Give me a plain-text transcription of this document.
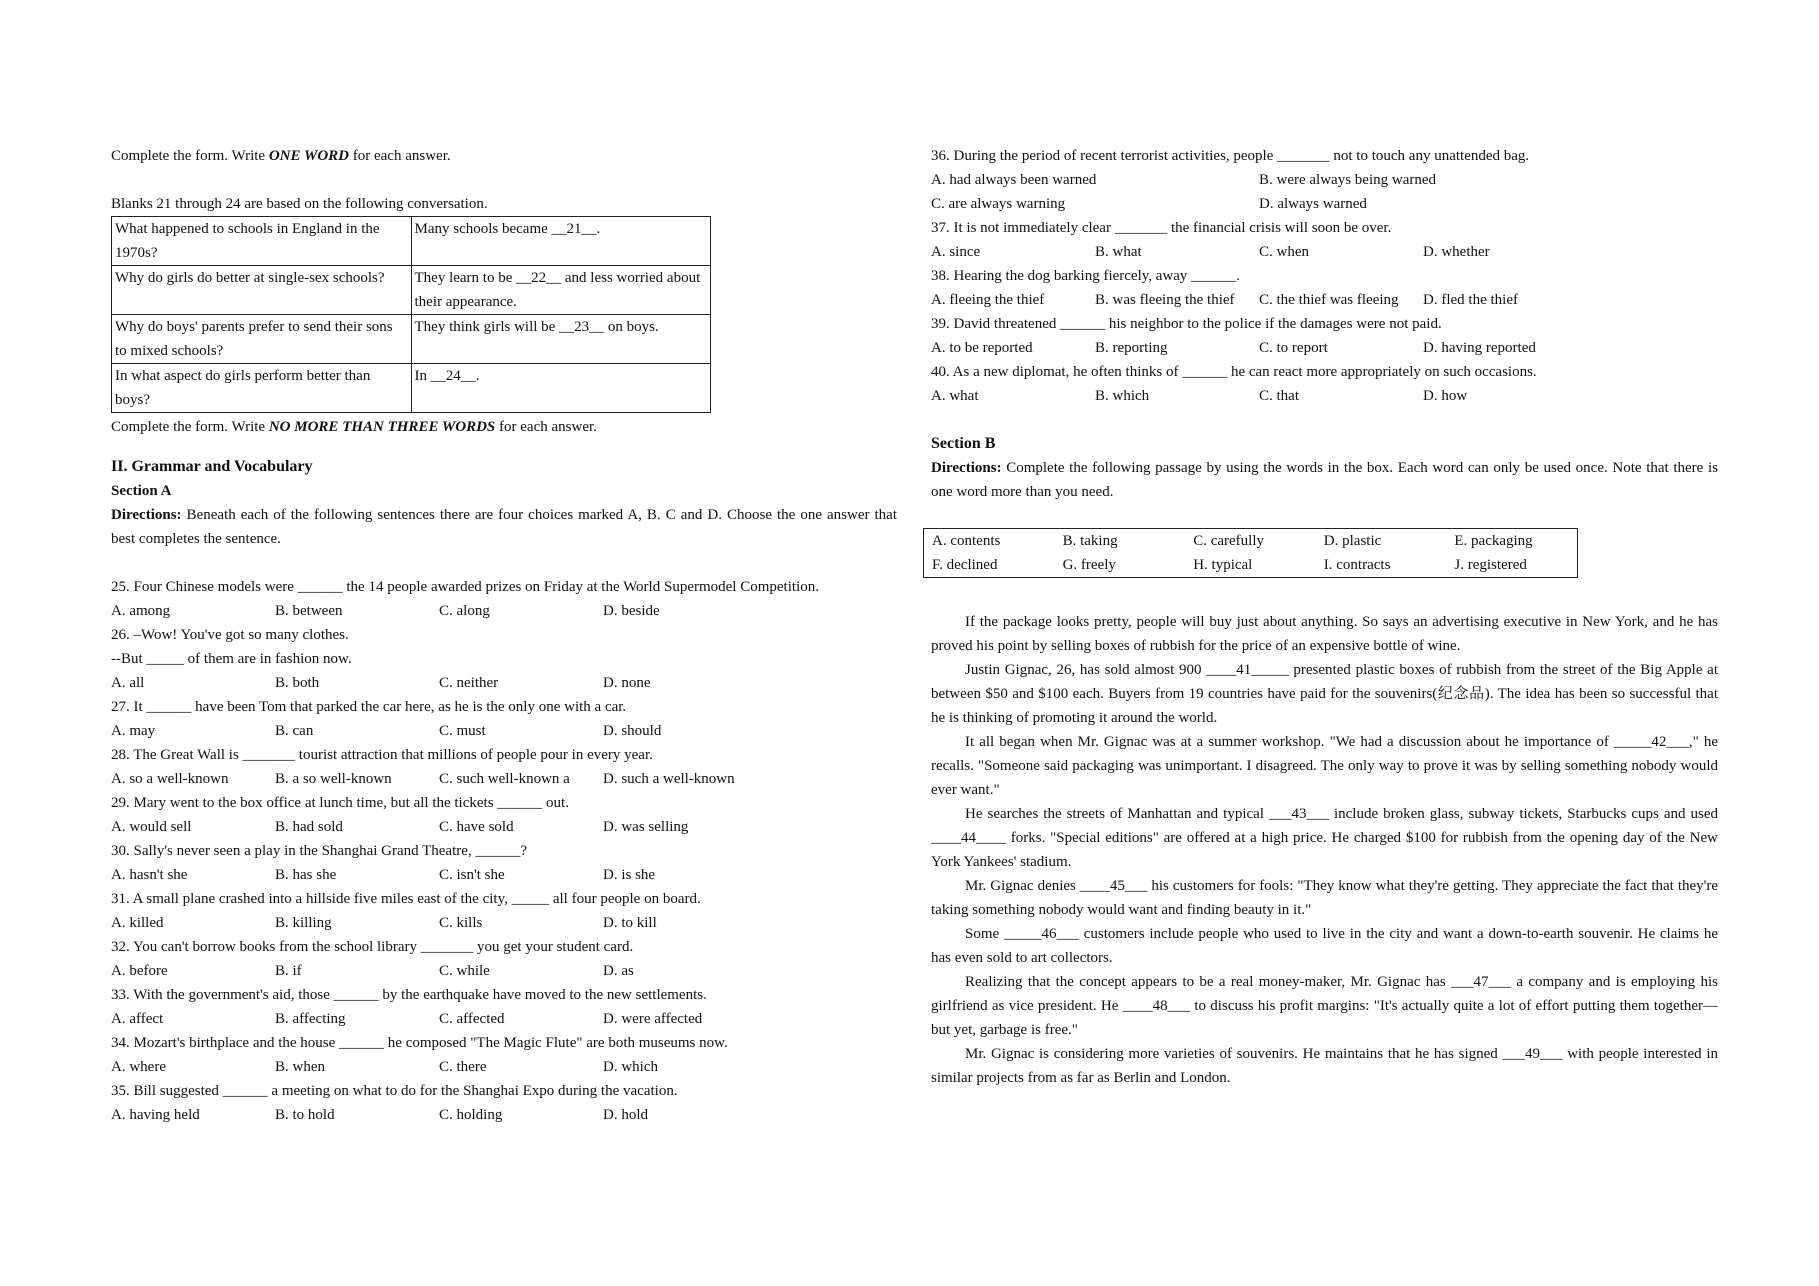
Complete the form. Write ONE WORD for each answer.

Blanks 21 through 24 are based on the following conversation.

What happened to schools in England in the 1970s?	Many schools became __21__.
Why do girls do better at single-sex schools?	They learn to be __22__ and less worried about their appearance.
Why do boys' parents prefer to send their sons to mixed schools?	They think girls will be __23__ on boys.
In what aspect do girls perform better than boys?	In __24__.

Complete the form. Write NO MORE THAN THREE WORDS for each answer.

II. Grammar and Vocabulary

Section A

Directions: Beneath each of the following sentences there are four choices marked A, B. C and D. Choose the one answer that best completes the sentence.

25. Four Chinese models were ______ the 14 people awarded prizes on Friday at the World Supermodel Competition.

A. among	B. between	C. along	D. beside

26. –Wow! You've got so many clothes.

--But _____ of them are in fashion now.

A. all	B. both	C. neither	D. none

27. It ______ have been Tom that parked the car here, as he is the only one with a car.

A. may	B. can	C. must	D. should

28. The Great Wall is _______ tourist attraction that millions of people pour in every year.

A. so a well-known	B. a so well-known	C. such well-known a	D. such a well-known

29. Mary went to the box office at lunch time, but all the tickets ______ out.

A. would sell	B. had sold	C. have sold	D. was selling

30. Sally's never seen a play in the Shanghai Grand Theatre, ______?

A. hasn't she	B. has she	C. isn't she	D. is she

31. A small plane crashed into a hillside five miles east of the city, _____ all four people on board.

A. killed	B. killing	C. kills	D. to kill

32. You can't borrow books from the school library _______ you get your student card.

A. before	B. if	C. while	D. as

33. With the government's aid, those ______ by the earthquake have moved to the new settlements.

A. affect	B. affecting	C. affected	D. were affected

34. Mozart's birthplace and the house ______ he composed "The Magic Flute" are both museums now.

A. where	B. when	C. there	D. which

35. Bill suggested ______ a meeting on what to do for the Shanghai Expo during the vacation.

A. having held	B. to hold	C. holding	D. hold

36. During the period of recent terrorist activities, people _______ not to touch any unattended bag.

A. had always been warned	B. were always being warned
C. are always warning	D. always warned

37. It is not immediately clear _______ the financial crisis will soon be over.

A. since	B. what	C. when	D. whether

38. Hearing the dog barking fiercely, away ______.

A. fleeing the thief	B. was fleeing the thief	C. the thief was fleeing	D. fled the thief

39. David threatened ______ his neighbor to the police if the damages were not paid.

A. to be reported	B. reporting	C. to report	D. having reported

40. As a new diplomat, he often thinks of ______ he can react more appropriately on such occasions.

A. what	B. which	C. that	D. how

Section B

Directions: Complete the following passage by using the words in the box. Each word can only be used once. Note that there is one word more than you need.

A. contents	B. taking	C. carefully	D. plastic	E. packaging
F. declined	G. freely	H. typical	I. contracts	J. registered

If the package looks pretty, people will buy just about anything. So says an advertising executive in New York, and he has proved his point by selling boxes of rubbish for the price of an expensive bottle of wine.

Justin Gignac, 26, has sold almost 900 ____41_____ presented plastic boxes of rubbish from the street of the Big Apple at between $50 and $100 each. Buyers from 19 countries have paid for the souvenirs(纪念品). The idea has been so successful that he is thinking of promoting it around the world.

It all began when Mr. Gignac was at a summer workshop. "We had a discussion about he importance of _____42___," he recalls. "Someone said packaging was unimportant. I disagreed. The only way to prove it was by selling something nobody would ever want."

He searches the streets of Manhattan and typical ___43___ include broken glass, subway tickets, Starbucks cups and used ____44____ forks. "Special editions" are offered at a high price. He charged $100 for rubbish from the opening day of the New York Yankees' stadium.

Mr. Gignac denies ____45___ his customers for fools: "They know what they're getting. They appreciate the fact that they're taking something nobody would want and finding beauty in it."

Some _____46___ customers include people who used to live in the city and want a down-to-earth souvenir. He claims he has even sold to art collectors.

Realizing that the concept appears to be a real money-maker, Mr. Gignac has ___47___ a company and is employing his girlfriend as vice president. He ____48___ to discuss his profit margins: "It's actually quite a lot of effort putting them together—but yet, garbage is free."

Mr. Gignac is considering more varieties of souvenirs. He maintains that he has signed ___49___ with people interested in similar projects from as far as Berlin and London.
